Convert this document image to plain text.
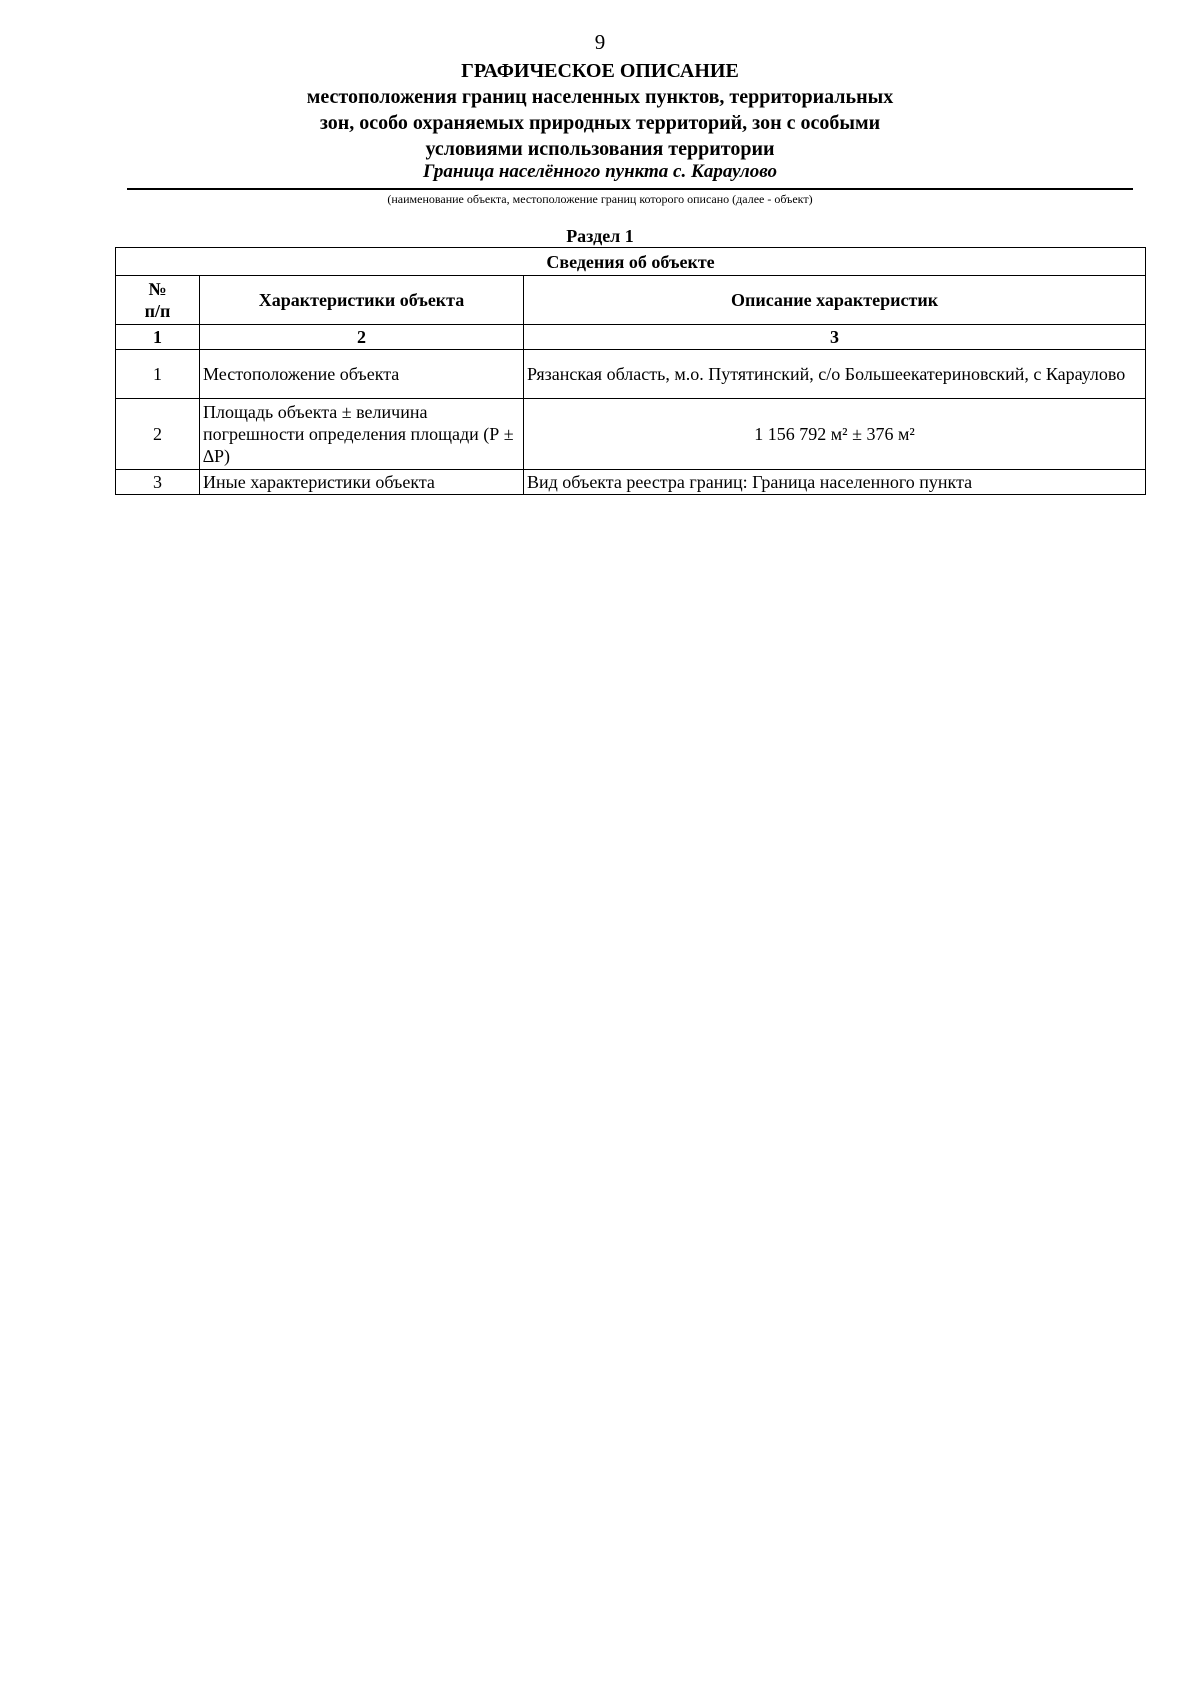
9
ГРАФИЧЕСКОЕ ОПИСАНИЕ
местоположения границ населенных пунктов, территориальных
зон, особо охраняемых природных территорий, зон с особыми
условиями использования территории
Граница населённого пункта с. Караулово
(наименование объекта, местоположение границ которого описано (далее - объект)
Раздел 1
Сведения об объекте		

№
п/п	Характеристики объекта	Описание характеристик
1	2	3
1	Местоположение объекта	Рязанская область, м.о. Путятинский, с/о Большеекатериновский, с Караулово
2	Площадь объекта ± величина погрешности определения площади (Р ± ∆Р)	1 156 792 м² ± 376 м²
3	Иные характеристики объекта	Вид объекта реестра границ: Граница населенного пункта
